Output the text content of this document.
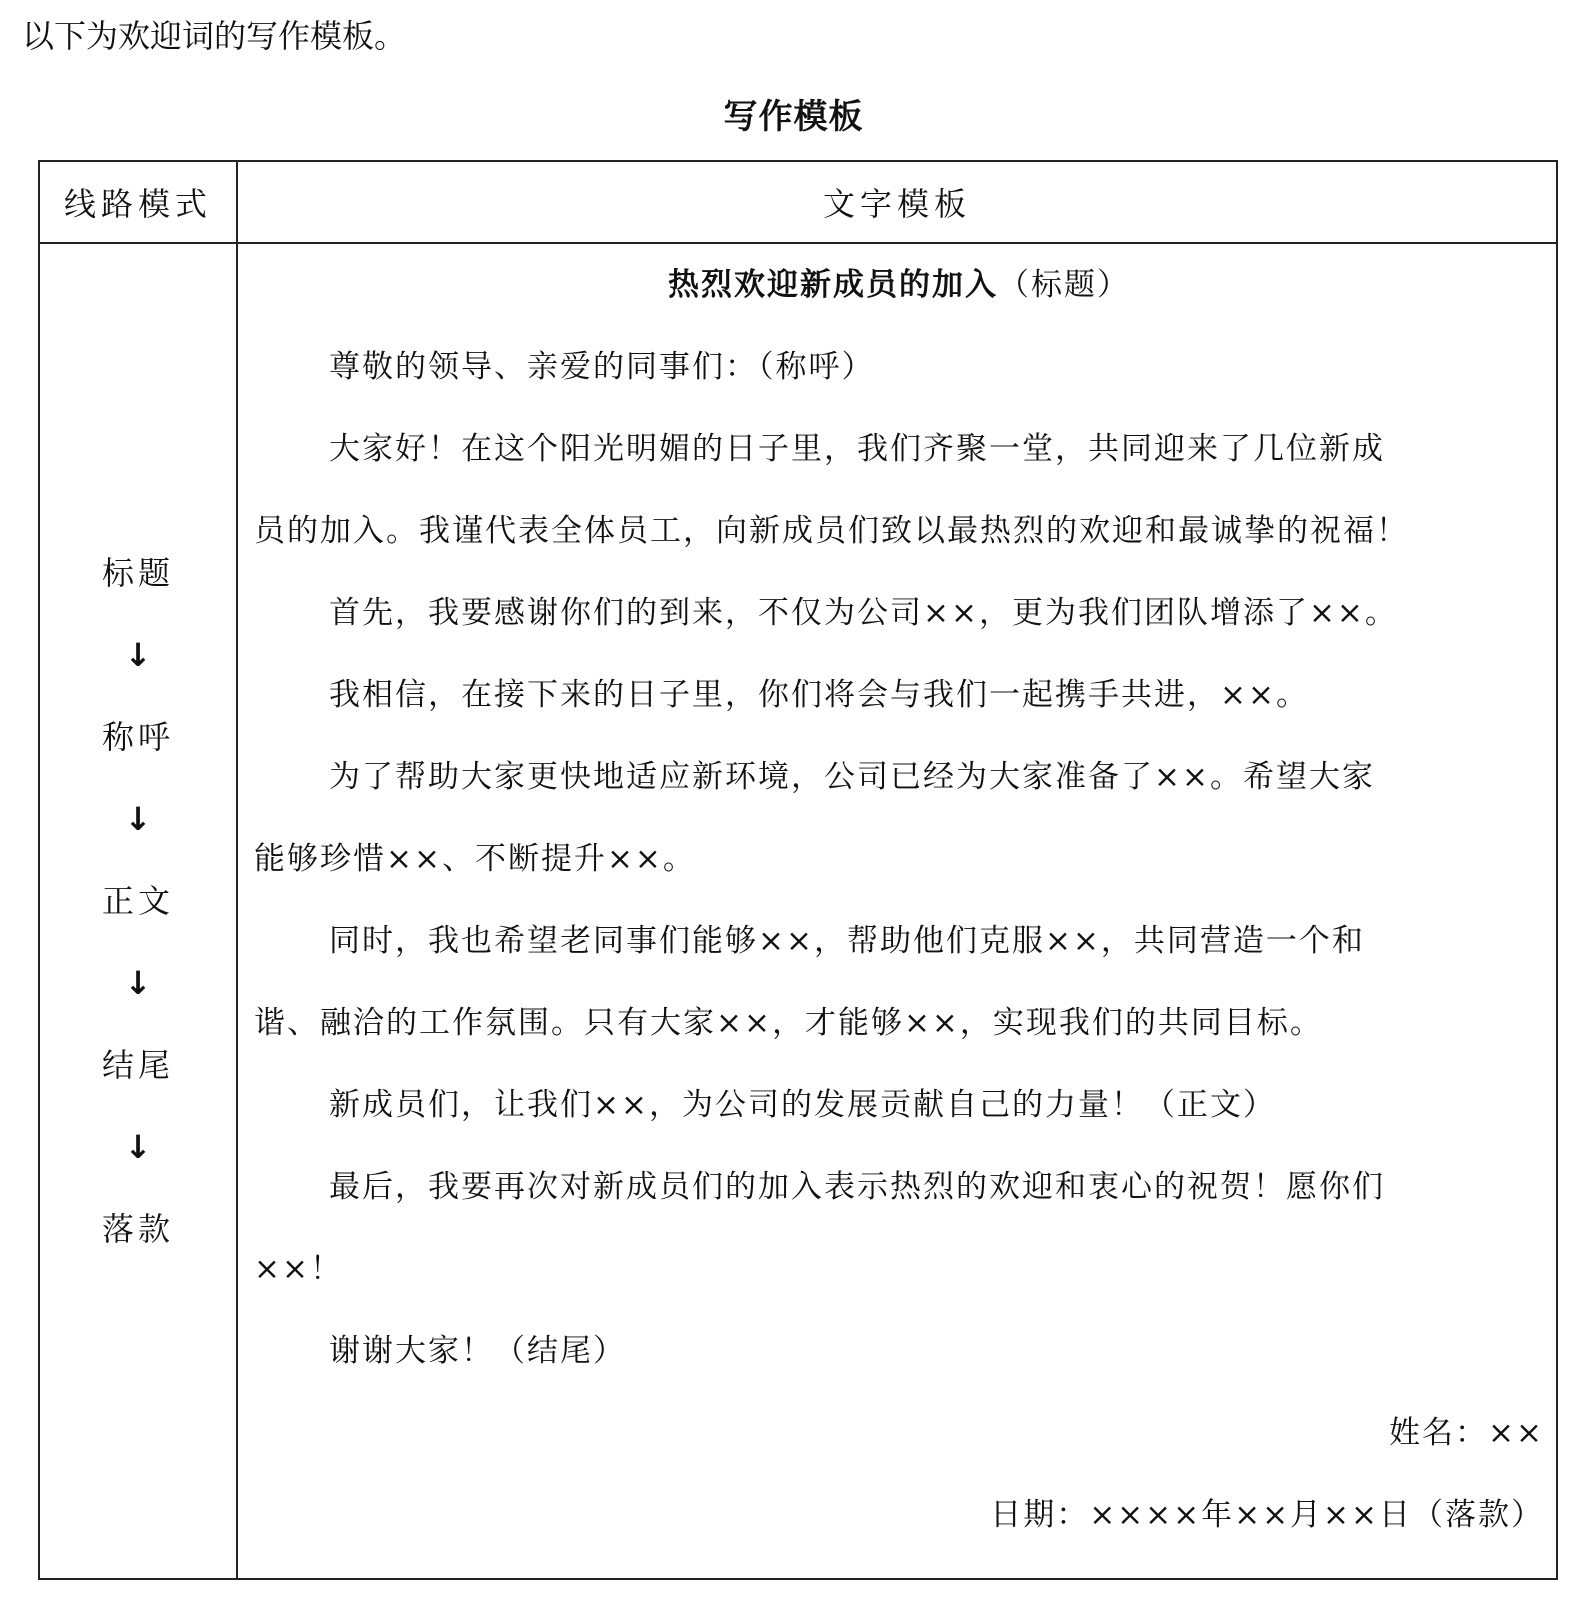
以下为欢迎词的写作模板。
写作模板
线路模式	文字模板
标题
↓
称呼
↓
正文
↓
结尾
↓
落款
热烈欢迎新成员的加入（标题）
尊敬的领导、亲爱的同事们：（称呼）
大家好！在这个阳光明媚的日子里，我们齐聚一堂，共同迎来了几位新成
员的加入。我谨代表全体员工，向新成员们致以最热烈的欢迎和最诚挚的祝福！
首先，我要感谢你们的到来，不仅为公司××，更为我们团队增添了××。
我相信，在接下来的日子里，你们将会与我们一起携手共进，××。
为了帮助大家更快地适应新环境，公司已经为大家准备了××。希望大家
能够珍惜××、不断提升××。
同时，我也希望老同事们能够××，帮助他们克服××，共同营造一个和
谐、融洽的工作氛围。只有大家××，才能够××，实现我们的共同目标。
新成员们，让我们××，为公司的发展贡献自己的力量！（正文）
最后，我要再次对新成员们的加入表示热烈的欢迎和衷心的祝贺！愿你们
××！
谢谢大家！（结尾）
姓名：××
日期：××××年××月××日（落款）
